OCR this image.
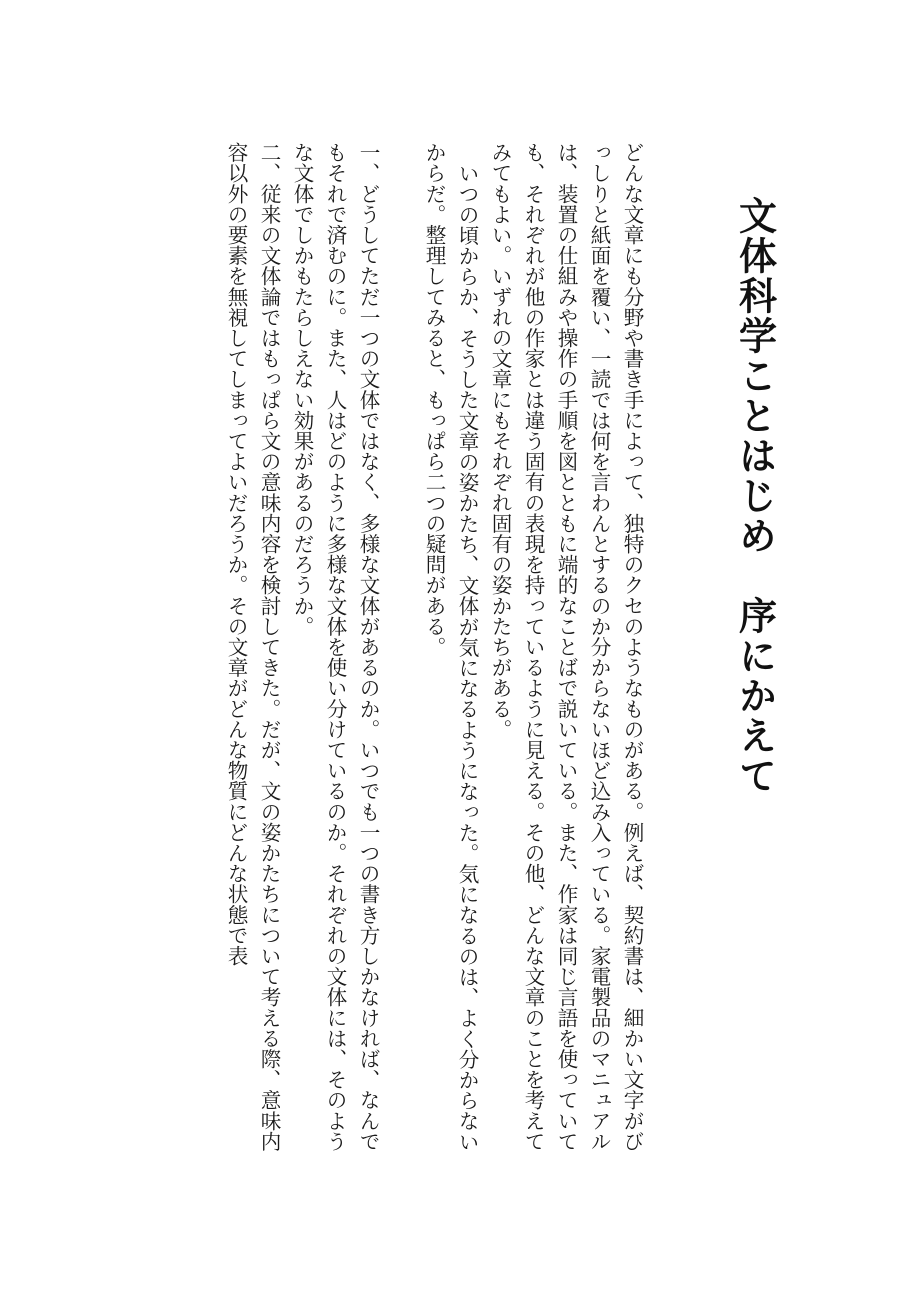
文体科学ことはじめ　序にかえて

どんな文章にも分野や書き手によって、独特のクセのようなものがある。例えば、契約書は、細かい文字がびっしりと紙面を覆い、一読では何を言わんとするのか分からないほど込み入っている。家電製品のマニュアルは、装置の仕組みや操作の手順を図とともに端的なことばで説いている。また、作家は同じ言語を使っていても、それぞれが他の作家とは違う固有の表現を持っているように見える。その他、どんな文章のことを考えてみてもよい。いずれの文章にもそれぞれ固有の姿かたちがある。

いつの頃からか、そうした文章の姿かたち、文体が気になるようになった。気になるのは、よく分からないからだ。整理してみると、もっぱら二つの疑問がある。

一、どうしてただ一つの文体ではなく、多様な文体があるのか。いつでも一つの書き方しかなければ、なんでもそれで済むのに。また、人はどのように多様な文体を使い分けているのか。それぞれの文体には、そのような文体でしかもたらしえない効果があるのだろうか。

二、従来の文体論ではもっぱら文の意味内容を検討してきた。だが、文の姿かたちについて考える際、意味内容以外の要素を無視してしまってよいだろうか。その文章がどんな物質にどんな状態で表
